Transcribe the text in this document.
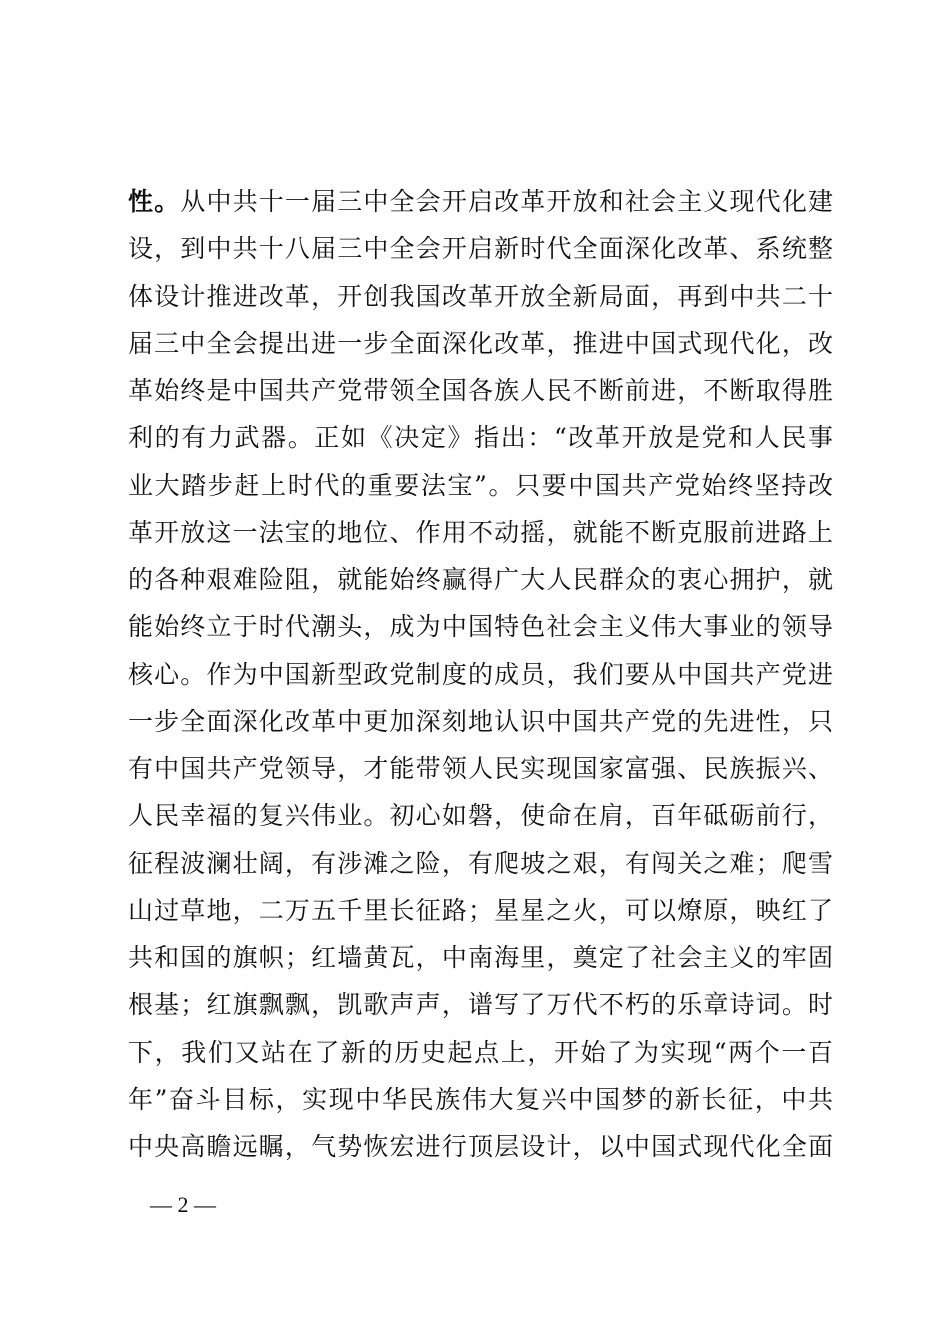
性。从中共十一届三中全会开启改革开放和社会主义现代化建
设，到中共十八届三中全会开启新时代全面深化改革、系统整
体设计推进改革，开创我国改革开放全新局面，再到中共二十
届三中全会提出进一步全面深化改革，推进中国式现代化，改
革始终是中国共产党带领全国各族人民不断前进，不断取得胜
利的有力武器。正如《决定》指出：“改革开放是党和人民事
业大踏步赶上时代的重要法宝”。只要中国共产党始终坚持改
革开放这一法宝的地位、作用不动摇，就能不断克服前进路上
的各种艰难险阻，就能始终赢得广大人民群众的衷心拥护，就
能始终立于时代潮头，成为中国特色社会主义伟大事业的领导
核心。作为中国新型政党制度的成员，我们要从中国共产党进
一步全面深化改革中更加深刻地认识中国共产党的先进性，只
有中国共产党领导，才能带领人民实现国家富强、民族振兴、
人民幸福的复兴伟业。初心如磐，使命在肩，百年砥砺前行，
征程波澜壮阔，有涉滩之险，有爬坡之艰，有闯关之难；爬雪
山过草地，二万五千里长征路；星星之火，可以燎原，映红了
共和国的旗帜；红墙黄瓦，中南海里，奠定了社会主义的牢固
根基；红旗飘飘，凯歌声声，谱写了万代不朽的乐章诗词。时
下，我们又站在了新的历史起点上，开始了为实现“两个一百
年”奋斗目标，实现中华民族伟大复兴中国梦的新长征，中共
中央高瞻远瞩，气势恢宏进行顶层设计，以中国式现代化全面
— 2 —
